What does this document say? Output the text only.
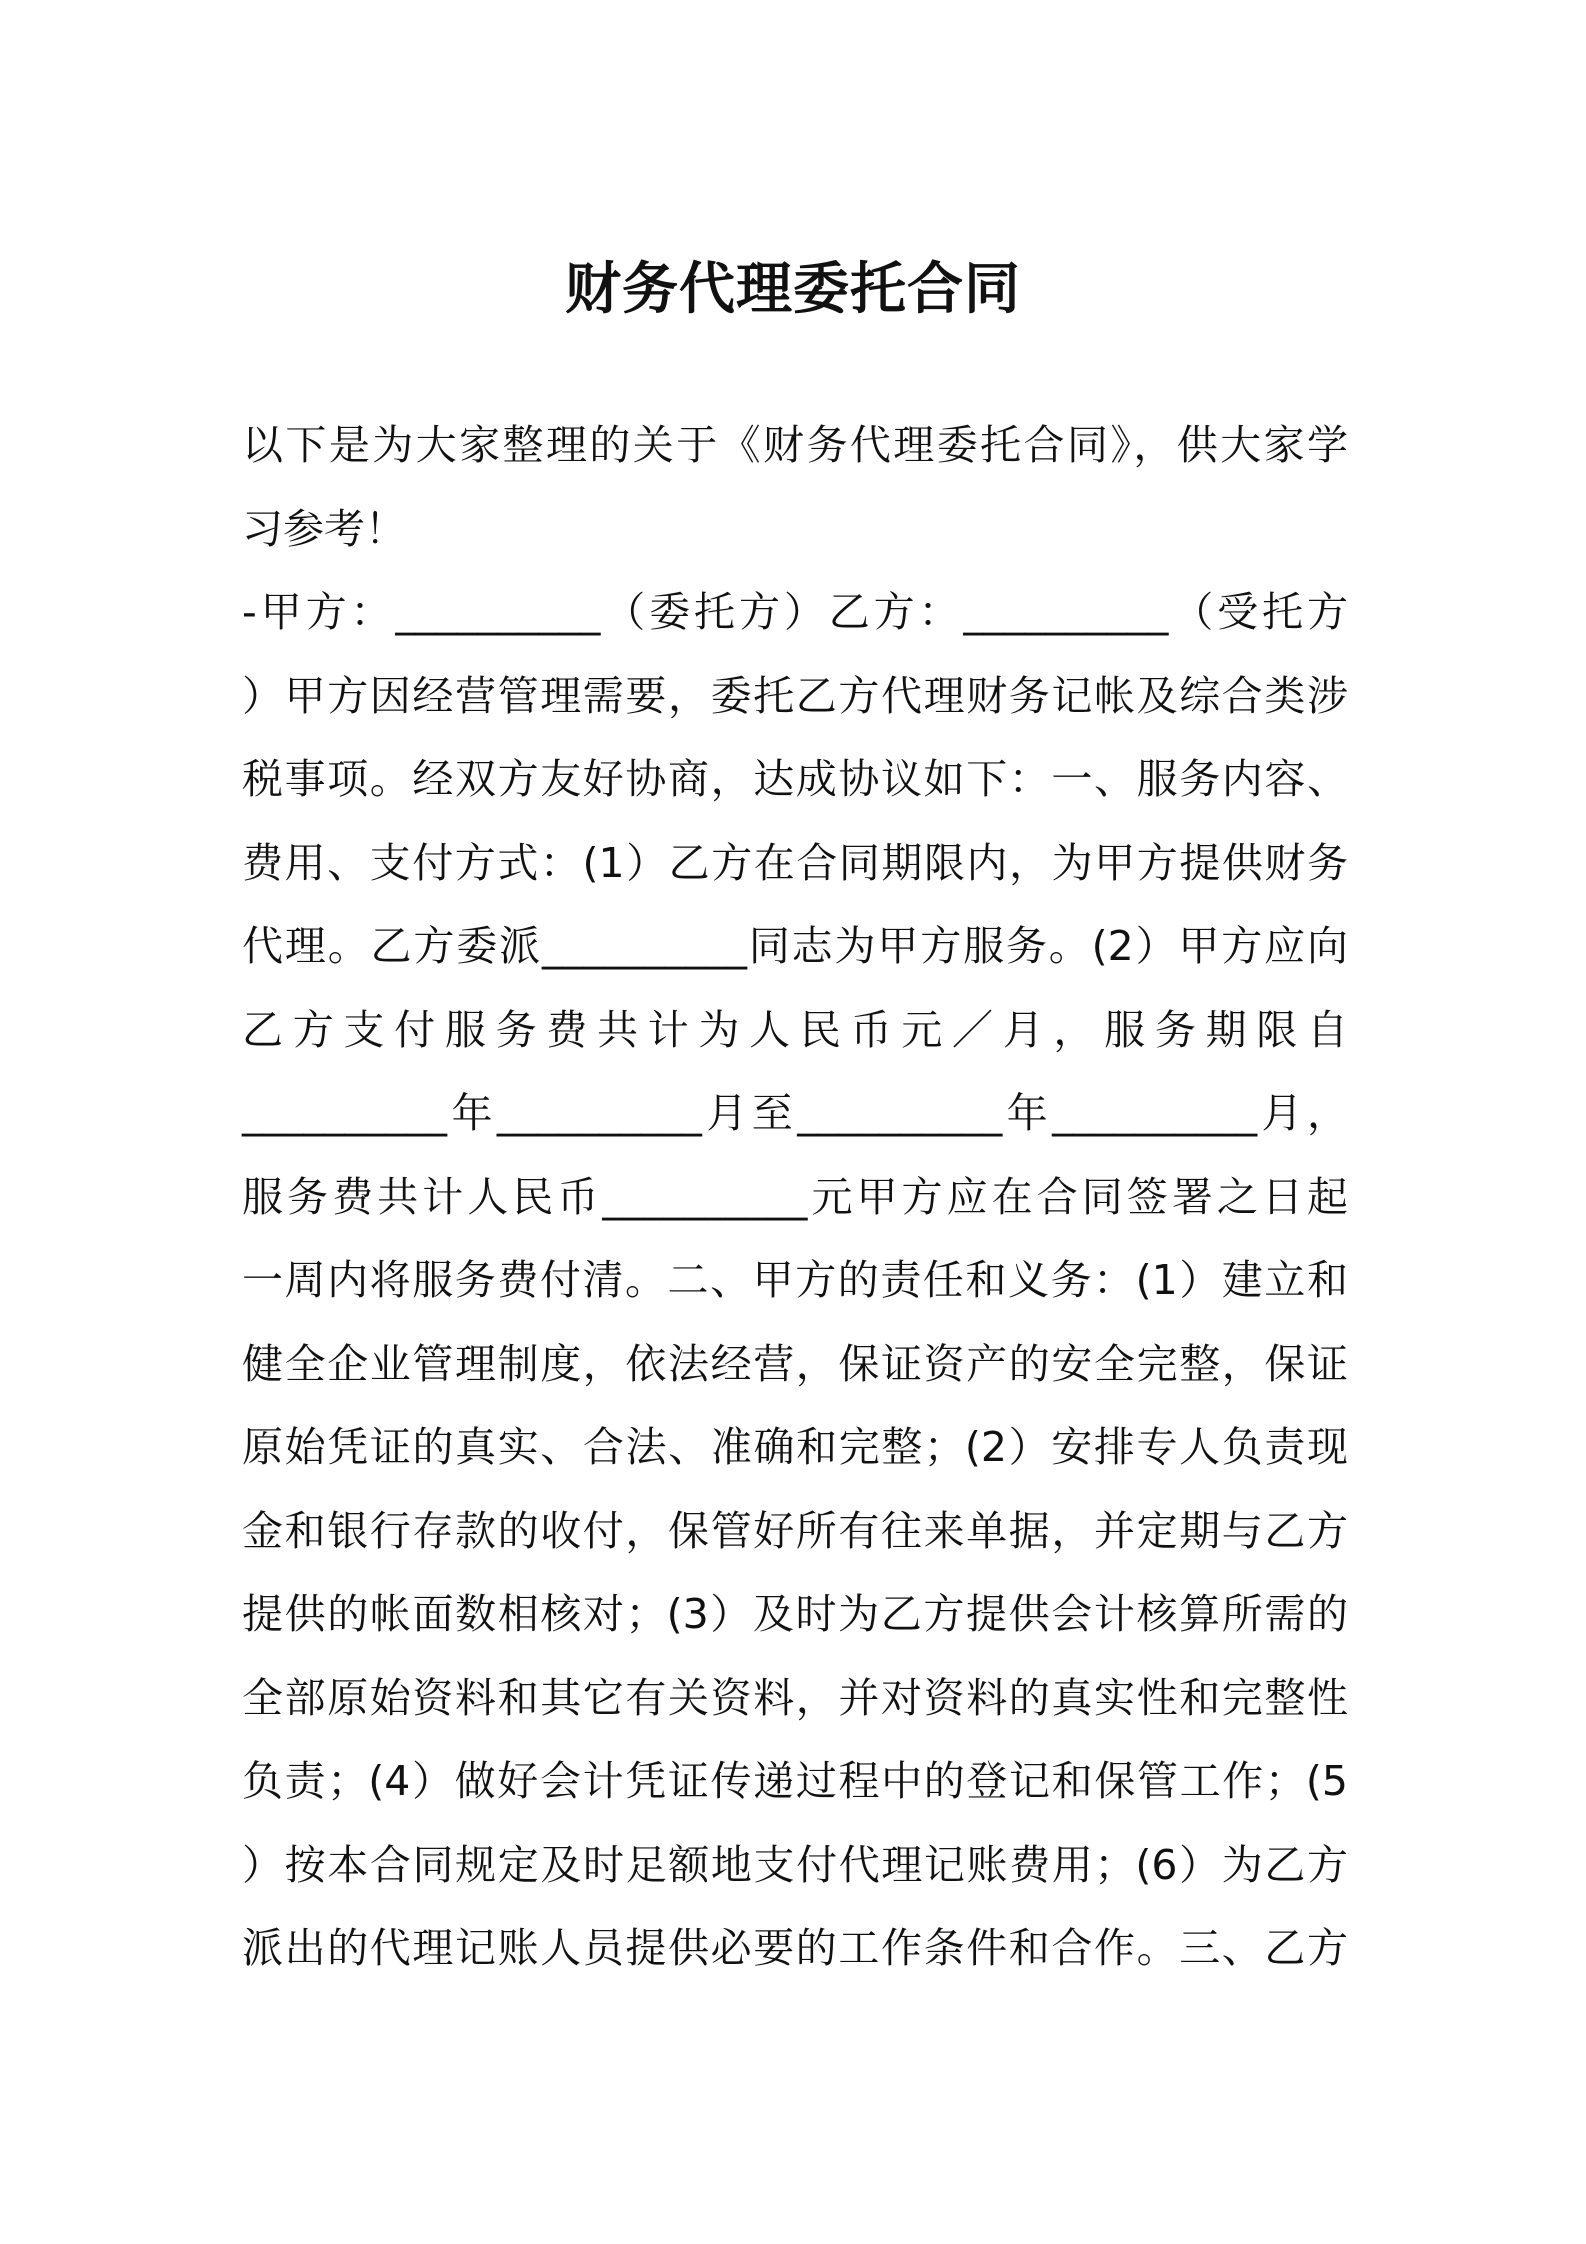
财务代理委托合同
以下是为大家整理的关于《财务代理委托合同》，供大家学
习参考！
-甲方：__________（委托方）乙方：__________（受托方
）甲方因经营管理需要，委托乙方代理财务记帐及综合类涉
税事项。经双方友好协商，达成协议如下：一、服务内容、
费用、支付方式：(1）乙方在合同期限内，为甲方提供财务
代理。乙方委派__________同志为甲方服务。(2）甲方应向
乙方支付服务费共计为人民币元／月，服务期限自
__________年__________月至__________年__________月，
服务费共计人民币__________元甲方应在合同签署之日起
一周内将服务费付清。二、甲方的责任和义务：(1）建立和
健全企业管理制度，依法经营，保证资产的安全完整，保证
原始凭证的真实、合法、准确和完整；(2）安排专人负责现
金和银行存款的收付，保管好所有往来单据，并定期与乙方
提供的帐面数相核对；(3）及时为乙方提供会计核算所需的
全部原始资料和其它有关资料，并对资料的真实性和完整性
负责；(4）做好会计凭证传递过程中的登记和保管工作；(5
）按本合同规定及时足额地支付代理记账费用；(6）为乙方
派出的代理记账人员提供必要的工作条件和合作。三、乙方
